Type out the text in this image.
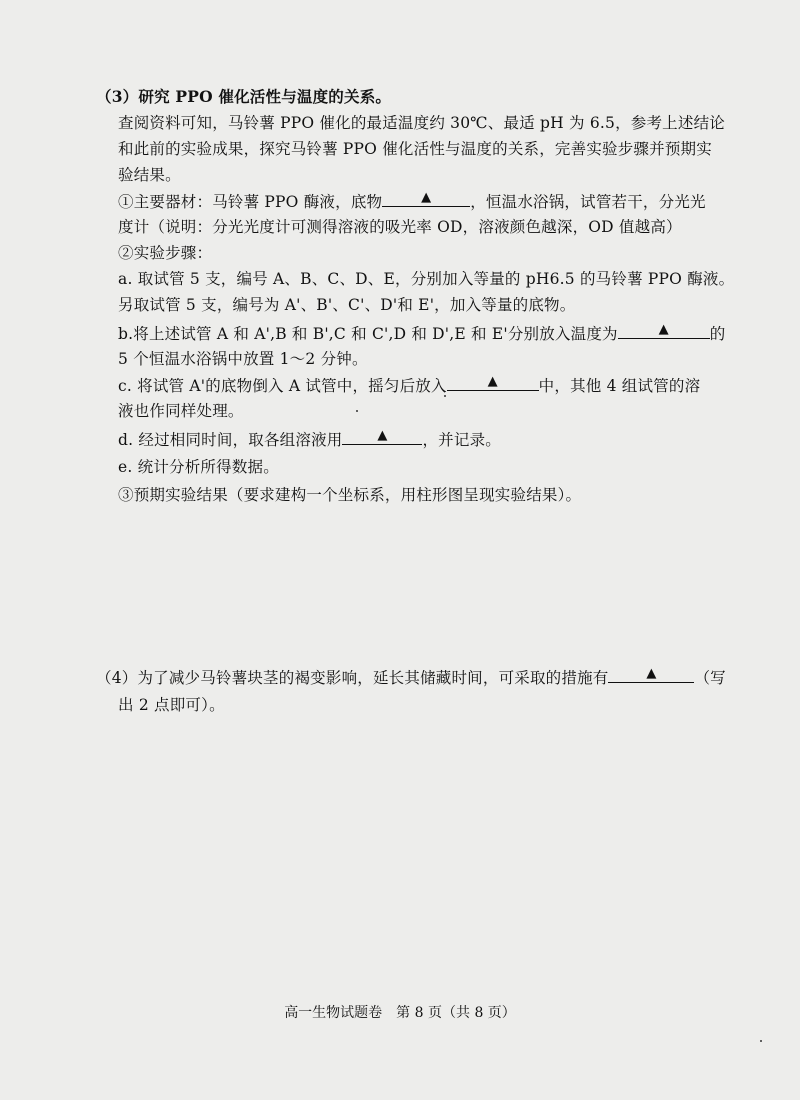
（3）研究 PPO 催化活性与温度的关系。
查阅资料可知，马铃薯 PPO 催化的最适温度约 30℃、最适 pH 为 6.5，参考上述结论
和此前的实验成果，探究马铃薯 PPO 催化活性与温度的关系，完善实验步骤并预期实
验结果。
①主要器材：马铃薯 PPO 酶液，底物	▲	，恒温水浴锅，试管若干，分光光
度计（说明：分光光度计可测得溶液的吸光率 OD，溶液颜色越深，OD 值越高）
②实验步骤：
a. 取试管 5 支，编号 A、B、C、D、E，分别加入等量的 pH6.5 的马铃薯 PPO 酶液。
另取试管 5 支，编号为 A'、B'、C'、D'和 E'，加入等量的底物。
b.将上述试管 A 和 A',B 和 B',C 和 C',D 和 D',E 和 E'分别放入温度为	▲	的
5 个恒温水浴锅中放置 1～2 分钟。
c. 将试管 A'的底物倒入 A 试管中，摇匀后放入	▲	中，其他 4 组试管的溶
液也作同样处理。
d. 经过相同时间，取各组溶液用	▲ ，并记录。
e. 统计分析所得数据。
③预期实验结果（要求建构一个坐标系，用柱形图呈现实验结果）。
（4）为了减少马铃薯块茎的褐变影响，延长其储藏时间，可采取的措施有	▲ （写
出 2 点即可）。
高一生物试题卷　第 8 页（共 8 页）
